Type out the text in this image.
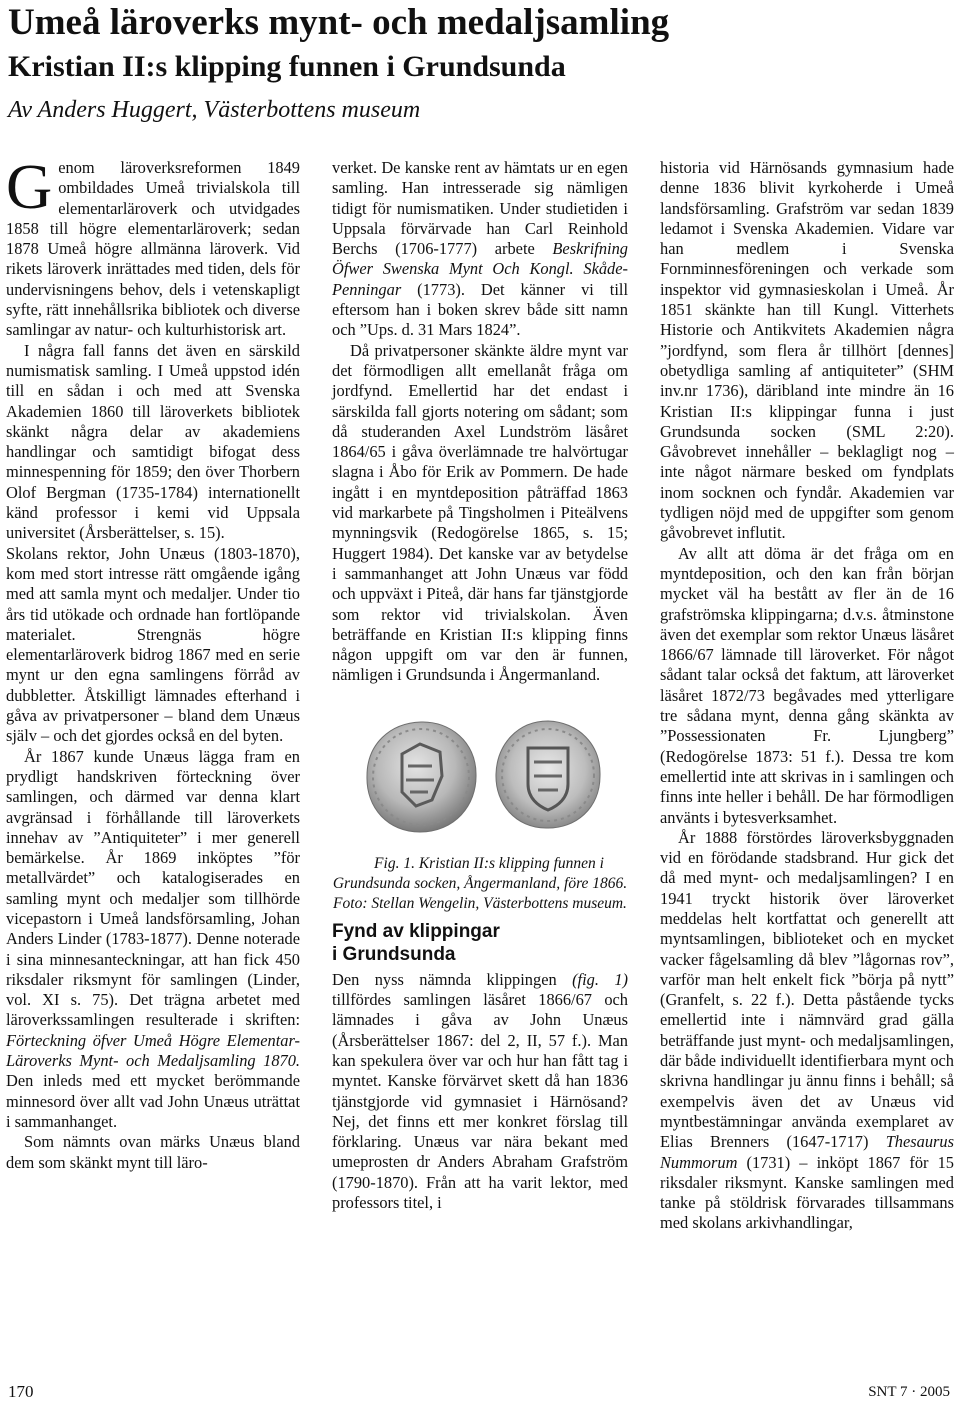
Umeå läroverks mynt- och medaljsamling
Kristian II:s klipping funnen i Grundsunda

Av Anders Huggert, Västerbottens museum

Genom läroverksreformen 1849 ombildades Umeå trivialskola till elementarläroverk och utvidgades 1858 till högre elementarläroverk; sedan 1878 Umeå högre allmänna läroverk. Vid rikets läroverk inrättades med tiden, dels för undervisningens behov, dels i vetenskapligt syfte, rätt innehållsrika bibliotek och diverse samlingar av natur- och kulturhistorisk art.

I några fall fanns det även en särskild numismatisk samling. I Umeå uppstod idén till en sådan i och med att Svenska Akademien 1860 till läroverkets bibliotek skänkt några delar av akademiens handlingar och samtidigt bifogat dess minnespenning för 1859; den över Thorbern Olof Bergman (1735-1784) internationellt känd professor i kemi vid Uppsala universitet (Årsberättelser, s. 15).

Skolans rektor, John Unæus (1803-1870), kom med stort intresse rätt omgående igång med att samla mynt och medaljer. Under tio års tid utökade och ordnade han fortlöpande materialet. Strengnäs högre elementarläroverk bidrog 1867 med en serie mynt ur den egna samlingens förråd av dubbletter. Åtskilligt lämnades efterhand i gåva av privatpersoner – bland dem Unæus själv – och det gjordes också en del byten.

År 1867 kunde Unæus lägga fram en prydligt handskriven förteckning över samlingen, och därmed var denna klart avgränsad i förhållande till läroverkets innehav av ”Antiquiteter” i mer generell bemärkelse. År 1869 inköptes ”för metallvärdet” och katalogiserades en samling mynt och medaljer som tillhörde vicepastorn i Umeå landsförsamling, Johan Anders Linder (1783-1877). Denne noterade i sina minnesanteckningar, att han fick 450 riksdaler riksmynt för samlingen (Linder, vol. XI s. 75). Det trägna arbetet med läroverkssamlingen resulterade i skriften: Förteckning öfver Umeå Högre Elementar-Läroverks Mynt- och Medaljsamling 1870. Den inleds med ett mycket berömmande minnesord över allt vad John Unæus uträttat i sammanhanget.

Som nämnts ovan märks Unæus bland dem som skänkt mynt till läro-

verket. De kanske rent av hämtats ur en egen samling. Han intresserade sig nämligen tidigt för numismatiken. Under studietiden i Uppsala förvärvade han Carl Reinhold Berchs (1706-1777) arbete Beskrifning Öfwer Swenska Mynt Och Kongl. Skåde-Penningar (1773). Det känner vi till eftersom han i boken skrev både sitt namn och ”Ups. d. 31 Mars 1824”.

Då privatpersoner skänkte äldre mynt var det förmodligen allt emellanåt fråga om jordfynd. Emellertid har det endast i särskilda fall gjorts notering om sådant; som då studeranden Axel Lundström läsåret 1864/65 i gåva överlämnade tre halvörtugar slagna i Åbo för Erik av Pommern. De hade ingått i en myntdeposition påträffad 1863 vid markarbete på Tingsholmen i Piteälvens mynningsvik (Redogörelse 1865, s. 15; Huggert 1984). Det kanske var av betydelse i sammanhanget att John Unæus var född och uppväxt i Piteå, där hans far tjänstgjorde som rektor vid trivialskolan. Även beträffande en Kristian II:s klipping finns någon uppgift om var den är funnen, nämligen i Grundsunda i Ångermanland.

Fig. 1. Kristian II:s klipping funnen i Grundsunda socken, Ångermanland, före 1866. Foto: Stellan Wengelin, Västerbottens museum.

Fynd av klippingar
i Grundsunda

Den nyss nämnda klippingen (fig. 1) tillfördes samlingen läsåret 1866/67 och lämnades i gåva av John Unæus (Årsberättelser 1867: del 2, II, 57 f.). Man kan spekulera över var och hur han fått tag i myntet. Kanske förvärvet skett då han 1836 tjänstgjorde vid gymnasiet i Härnösand? Nej, det finns ett mer konkret förslag till förklaring. Unæus var nära bekant med umeprosten dr Anders Abraham Grafström (1790-1870). Från att ha varit lektor, med professors titel, i

historia vid Härnösands gymnasium hade denne 1836 blivit kyrkoherde i Umeå landsförsamling. Grafström var sedan 1839 ledamot i Svenska Akademien. Vidare var han medlem i Svenska Fornminnesföreningen och verkade som inspektor vid gymnasieskolan i Umeå. År 1851 skänkte han till Kungl. Vitterhets Historie och Antikvitets Akademien några ”jordfynd, som flera år tillhört [dennes] obetydliga samling af antiquiteter” (SHM inv.nr 1736), däribland inte mindre än 16 Kristian II:s klippingar funna i just Grundsunda socken (SML 2:20). Gåvobrevet innehåller – beklagligt nog – inte något närmare besked om fyndplats inom socknen och fyndår. Akademien var tydligen nöjd med de uppgifter som genom gåvobrevet influtit.

Av allt att döma är det fråga om en myntdeposition, och den kan från början mycket väl ha bestått av fler än de 16 grafströmska klippingarna; d.v.s. åtminstone även det exemplar som rektor Unæus läsåret 1866/67 lämnade till läroverket. För något sådant talar också det faktum, att läroverket läsåret 1872/73 begåvades med ytterligare tre sådana mynt, denna gång skänkta av ”Possessionaten Fr. Ljungberg” (Redogörelse 1873: 51 f.). Dessa tre kom emellertid inte att skrivas in i samlingen och finns inte heller i behåll. De har förmodligen använts i bytesverksamhet.

År 1888 förstördes läroverksbyggnaden vid en förödande stadsbrand. Hur gick det då med mynt- och medaljsamlingen? I en 1941 tryckt historik över läroverket meddelas helt kortfattat och generellt att myntsamlingen, biblioteket och en mycket vacker fågelsamling då blev ”lågornas rov”, varför man helt enkelt fick ”börja på nytt” (Granfelt, s. 22 f.). Detta påstående tycks emellertid inte i nämnvärd grad gälla beträffande just mynt- och medaljsamlingen, där både individuellt identifierbara mynt och skrivna handlingar ju ännu finns i behåll; så exempelvis även det av Unæus vid myntbestämningar använda exemplaret av Elias Brenners (1647-1717) Thesaurus Nummorum (1731) – inköpt 1867 för 15 riksdaler riksmynt. Kanske samlingen med tanke på stöldrisk förvarades tillsammans med skolans arkivhandlingar,

170	SNT 7 · 2005
